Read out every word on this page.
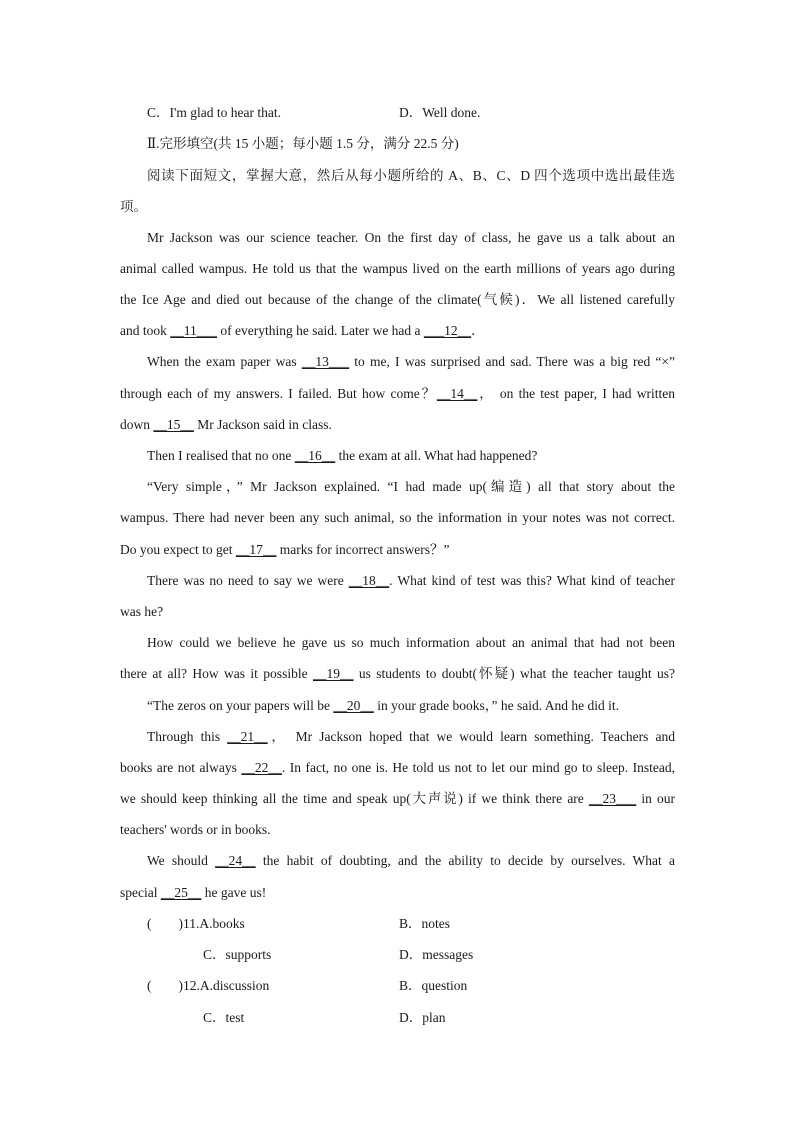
C．I'm glad to hear that.	D．Well done.
Ⅱ.完形填空(共 15 小题；每小题 1.5 分，满分 22.5 分)
阅读下面短文，掌握大意，然后从每小题所给的 A、B、C、D 四个选项中选出最佳选
项。
Mr Jackson was our science teacher. On the first day of class, he gave us a talk about an
animal called wampus. He told us that the wampus lived on the earth millions of years ago during
the Ice Age and died out because of the change of the climate(气候)．We all listened carefully
and took __11___ of everything he said. Later we had a ___12__．
When the exam paper was __13___ to me, I was surprised and sad. There was a big red “×”
through each of my answers. I failed. But how come？__14__， on the test paper, I had written
down __15__ Mr Jackson said in class.
Then I realised that no one __16__ the exam at all. What had happened?
“Very simple，” Mr Jackson explained. “I had made up(编造) all that story about the
wampus. There had never been any such animal, so the information in your notes was not correct.
Do you expect to get __17__ marks for incorrect answers？”
There was no need to say we were __18__. What kind of test was this? What kind of teacher
was he?
How could we believe he gave us so much information about an animal that had not been
there at all? How was it possible __19__ us students to doubt(怀疑) what the teacher taught us?
“The zeros on your papers will be __20__ in your grade books，” he said. And he did it.
Through this __21__， Mr Jackson hoped that we would learn something. Teachers and
books are not always __22__. In fact, no one is. He told us not to let our mind go to sleep. Instead,
we should keep thinking all the time and speak up(大声说) if we think there are __23___ in our
teachers' words or in books.
We should __24__ the habit of doubting, and the ability to decide by ourselves. What a
special __25__ he gave us!
(　　)11.A.books	B．notes
C．supports	D．messages
(　　)12.A.discussion	B．question
C．test	D．plan
